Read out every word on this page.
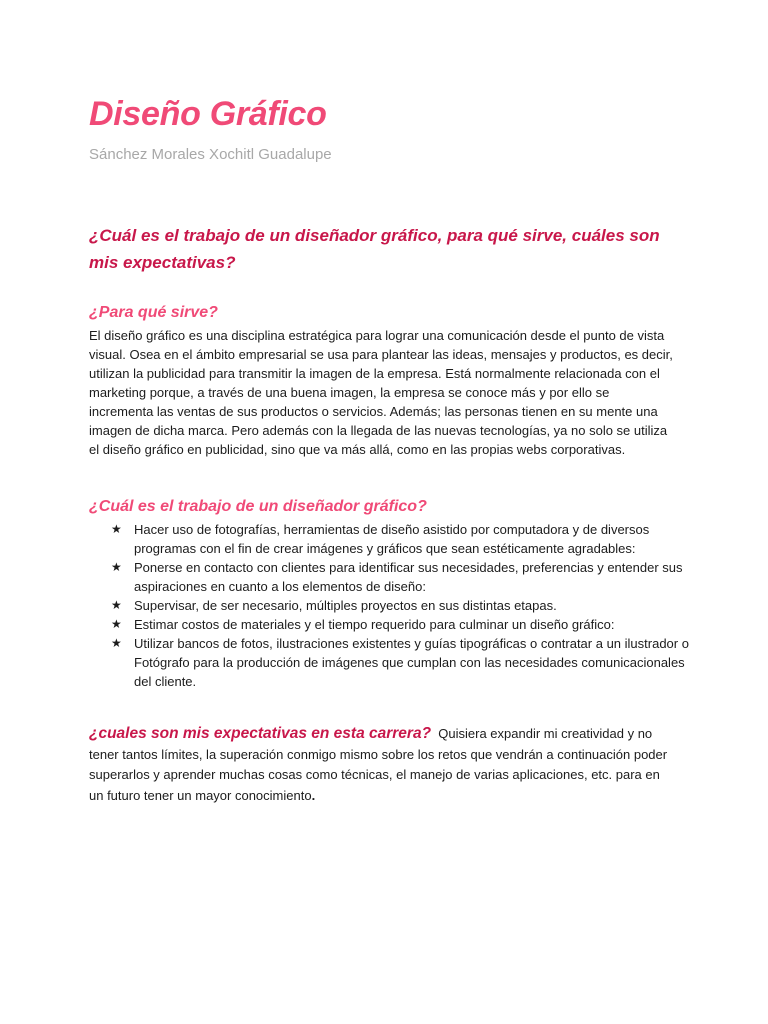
Diseño Gráfico

Sánchez Morales Xochitl Guadalupe

¿Cuál es el trabajo de un diseñador gráfico, para qué sirve, cuáles son mis expectativas?
¿Para qué sirve?

El diseño gráfico es una disciplina estratégica para lograr una comunicación desde el punto de vista visual. Osea en el ámbito empresarial se usa para plantear las ideas, mensajes y productos, es decir, utilizan la publicidad para transmitir la imagen de la empresa. Está normalmente relacionada con el marketing porque, a través de una buena imagen, la empresa se conoce más y por ello se incrementa las ventas de sus productos o servicios. Además; las personas tienen en su mente una imagen de dicha marca. Pero además con la llegada de las nuevas tecnologías, ya no solo se utiliza el diseño gráfico en publicidad, sino que va más allá, como en las propias webs corporativas.

¿Cuál es el trabajo de un diseñador gráfico?
★ Hacer uso de fotografías, herramientas de diseño asistido por computadora y de diversos programas con el fin de crear imágenes y gráficos que sean estéticamente agradables:
★ Ponerse en contacto con clientes para identificar sus necesidades, preferencias y entender sus aspiraciones en cuanto a los elementos de diseño:
★ Supervisar, de ser necesario, múltiples proyectos en sus distintas etapas.
★ Estimar costos de materiales y el tiempo requerido para culminar un diseño gráfico:
★ Utilizar bancos de fotos, ilustraciones existentes y guías tipográficas o contratar a un ilustrador o Fotógrafo para la producción de imágenes que cumplan con las necesidades comunicacionales del cliente.

¿cuales son mis expectativas en esta carrera? Quisiera expandir mi creatividad y no tener tantos límites, la superación conmigo mismo sobre los retos que vendrán a continuación poder superarlos y aprender muchas cosas como técnicas, el manejo de varias aplicaciones, etc. para en un futuro tener un mayor conocimiento.
